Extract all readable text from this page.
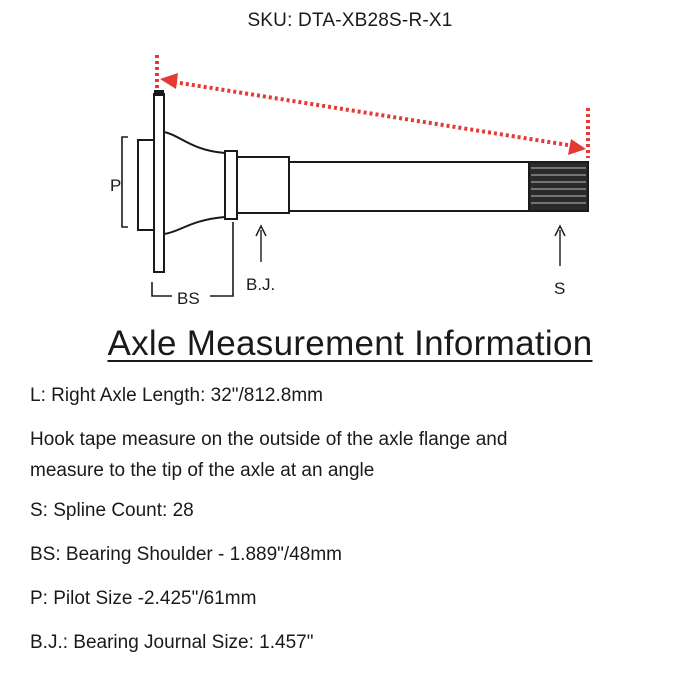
SKU: DTA-XB28S-R-X1
P
BS
B.J.	S
Axle Measurement Information
L: Right Axle Length: 32"/812.8mm
Hook tape measure on the outside of the axle flange and
measure to the tip of the axle at an angle
S: Spline Count: 28
BS: Bearing Shoulder - 1.889"/48mm
P: Pilot Size -2.425"/61mm
B.J.: Bearing Journal Size: 1.457"
